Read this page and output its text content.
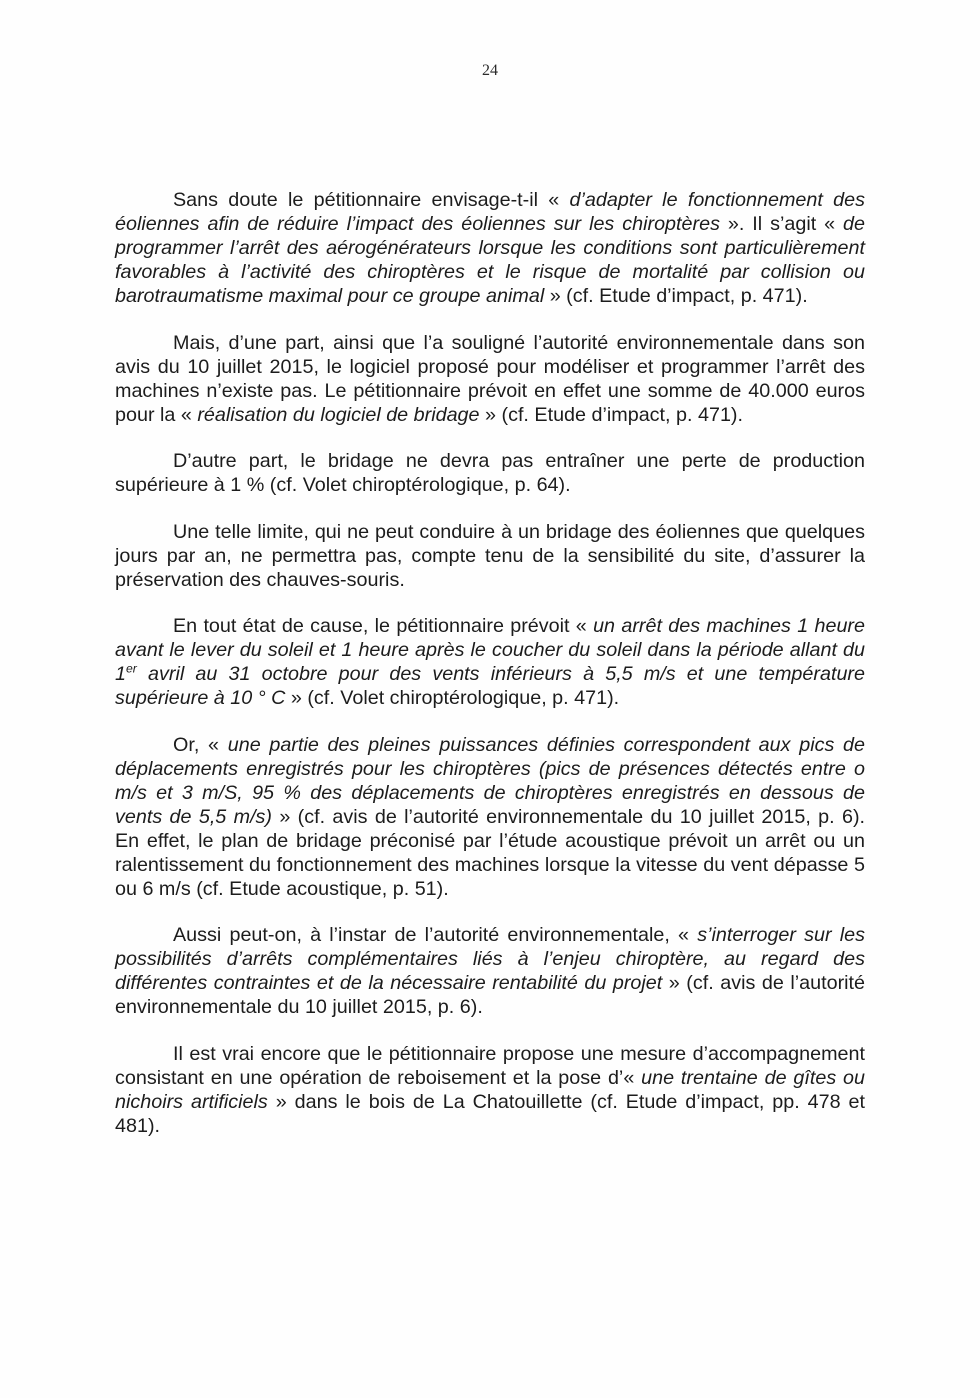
24

Sans doute le pétitionnaire envisage-t-il « d’adapter le fonctionnement des éoliennes afin de réduire l’impact des éoliennes sur les chiroptères ». Il s’agit « de programmer l’arrêt des aérogénérateurs lorsque les conditions sont particulièrement favorables à l’activité des chiroptères et le risque de mortalité par collision ou barotraumatisme maximal pour ce groupe animal » (cf. Etude d’impact, p. 471).

Mais, d’une part, ainsi que l’a souligné l’autorité environnementale dans son avis du 10 juillet 2015, le logiciel proposé pour modéliser et programmer l’arrêt des machines n’existe pas. Le pétitionnaire prévoit en effet une somme de 40.000 euros pour la « réalisation du logiciel de bridage » (cf. Etude d’impact, p. 471).

D’autre part, le bridage ne devra pas entraîner une perte de production supérieure à 1 % (cf. Volet chiroptérologique, p. 64).

Une telle limite, qui ne peut conduire à un bridage des éoliennes que quelques jours par an, ne permettra pas, compte tenu de la sensibilité du site, d’assurer la préservation des chauves-souris.

En tout état de cause, le pétitionnaire prévoit « un arrêt des machines 1 heure avant le lever du soleil et 1 heure après le coucher du soleil dans la période allant du 1er avril au 31 octobre pour des vents inférieurs à 5,5 m/s et une température supérieure à 10 ° C » (cf. Volet chiroptérologique, p. 471).

Or, « une partie des pleines puissances définies correspondent aux pics de déplacements enregistrés pour les chiroptères (pics de présences détectés entre o m/s et 3 m/S, 95 % des déplacements de chiroptères enregistrés en dessous de vents de 5,5 m/s) » (cf. avis de l’autorité environnementale du 10 juillet 2015, p. 6). En effet, le plan de bridage préconisé par l’étude acoustique prévoit un arrêt ou un ralentissement du fonctionnement des machines lorsque la vitesse du vent dépasse 5 ou 6 m/s (cf. Etude acoustique, p. 51).

Aussi peut-on, à l’instar de l’autorité environnementale, « s’interroger sur les possibilités d’arrêts complémentaires liés à l’enjeu chiroptère, au regard des différentes contraintes et de la nécessaire rentabilité du projet » (cf. avis de l’autorité environnementale du 10 juillet 2015, p. 6).

Il est vrai encore que le pétitionnaire propose une mesure d’accompagnement consistant en une opération de reboisement et la pose d’« une trentaine de gîtes ou nichoirs artificiels » dans le bois de La Chatouillette (cf. Etude d’impact, pp. 478 et 481).
